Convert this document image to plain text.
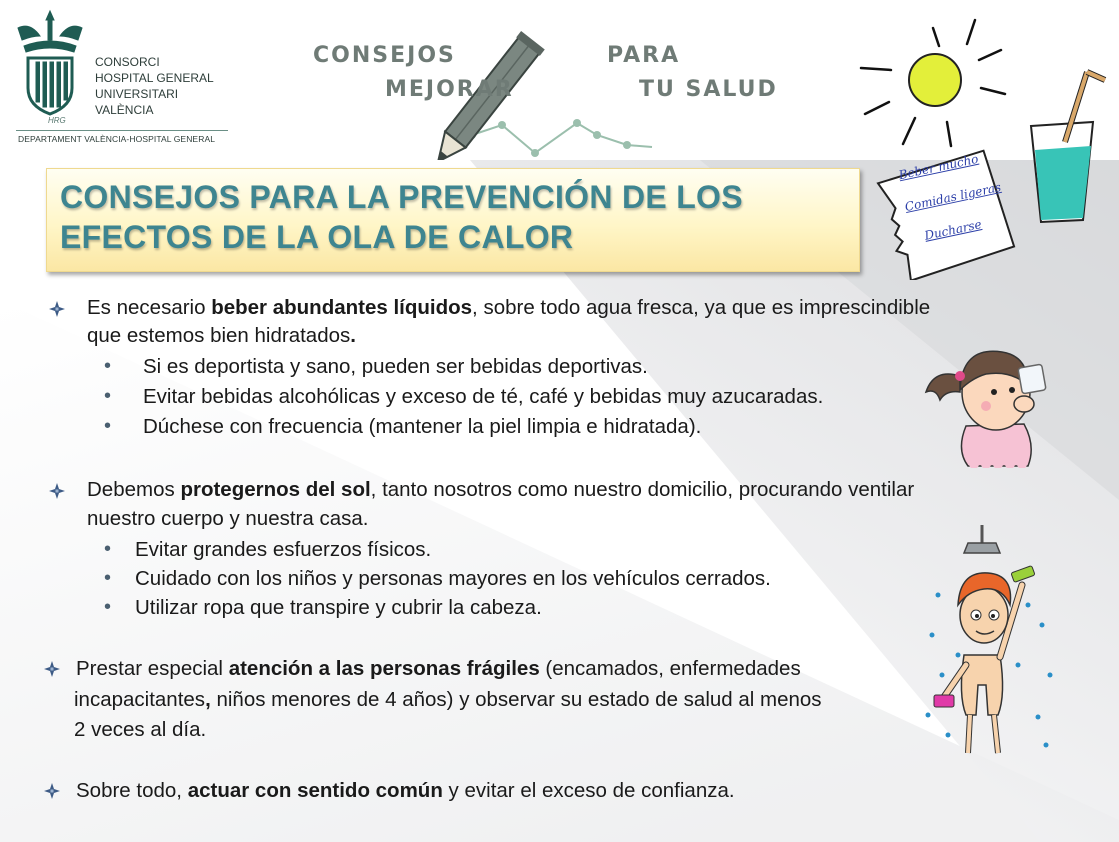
CONSORCI
HOSPITAL GENERAL
UNIVERSITARI
VALÈNCIA
HRG
DEPARTAMENT VALÈNCIA-HOSPITAL GENERAL
CONSEJOS	PARA
MEJORAR	TU SALUD
Beber mucho
Comidas ligeras
Ducharse
CONSEJOS PARA LA PREVENCIÓN DE LOS
EFECTOS DE LA OLA DE CALOR
Es necesario beber abundantes líquidos, sobre todo agua fresca, ya que es imprescindible
que estemos bien hidratados.
• Si es deportista y sano, pueden ser bebidas deportivas.
• Evitar bebidas alcohólicas y exceso de té, café y bebidas muy azucaradas.
• Dúchese con frecuencia (mantener la piel limpia e hidratada).
Debemos protegernos del sol, tanto nosotros como nuestro domicilio, procurando ventilar
nuestro cuerpo y nuestra casa.
• Evitar grandes esfuerzos físicos.
• Cuidado con los niños y personas mayores en los vehículos cerrados.
• Utilizar ropa que transpire y cubrir la cabeza.
Prestar especial atención a las personas frágiles (encamados, enfermedades
incapacitantes, niños menores de 4 años) y observar su estado de salud al menos
2 veces al día.
Sobre todo, actuar con sentido común y evitar el exceso de confianza.
